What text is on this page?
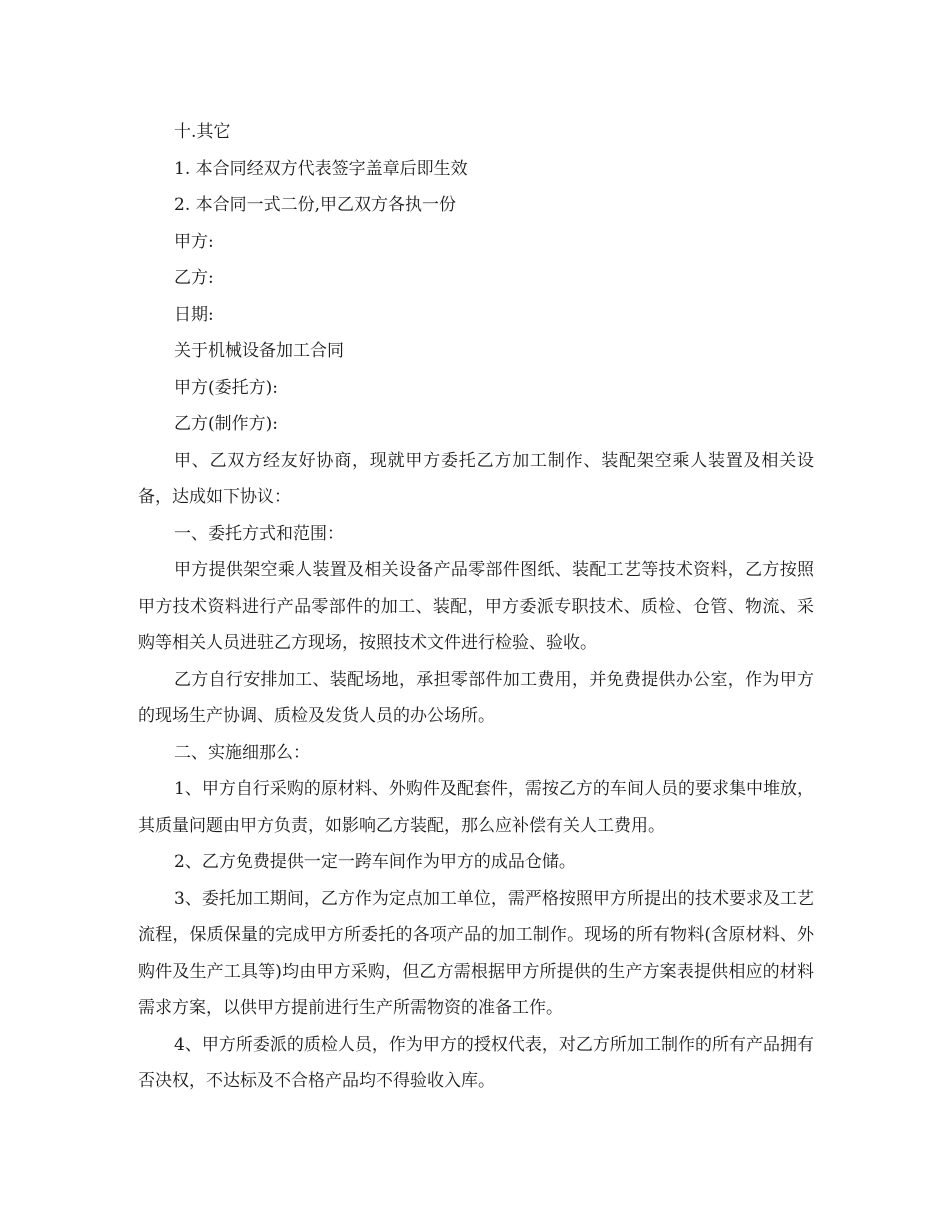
十.其它

1. 本合同经双方代表签字盖章后即生效

2. 本合同一式二份,甲乙双方各执一份

甲方:

乙方:

日期:

关于机械设备加工合同

甲方(委托方):

乙方(制作方):

甲、乙双方经友好协商，现就甲方委托乙方加工制作、装配架空乘人装置及相关设备，达成如下协议：

一、委托方式和范围：

甲方提供架空乘人装置及相关设备产品零部件图纸、装配工艺等技术资料，乙方按照甲方技术资料进行产品零部件的加工、装配，甲方委派专职技术、质检、仓管、物流、采购等相关人员进驻乙方现场，按照技术文件进行检验、验收。

乙方自行安排加工、装配场地，承担零部件加工费用，并免费提供办公室，作为甲方的现场生产协调、质检及发货人员的办公场所。

二、实施细那么：

1、甲方自行采购的原材料、外购件及配套件，需按乙方的车间人员的要求集中堆放，其质量问题由甲方负责，如影响乙方装配，那么应补偿有关人工费用。

2、乙方免费提供一定一跨车间作为甲方的成品仓储。

3、委托加工期间，乙方作为定点加工单位，需严格按照甲方所提出的技术要求及工艺流程，保质保量的完成甲方所委托的各项产品的加工制作。现场的所有物料(含原材料、外购件及生产工具等)均由甲方采购，但乙方需根据甲方所提供的生产方案表提供相应的材料需求方案，以供甲方提前进行生产所需物资的准备工作。

4、甲方所委派的质检人员，作为甲方的授权代表，对乙方所加工制作的所有产品拥有否决权，不达标及不合格产品均不得验收入库。
